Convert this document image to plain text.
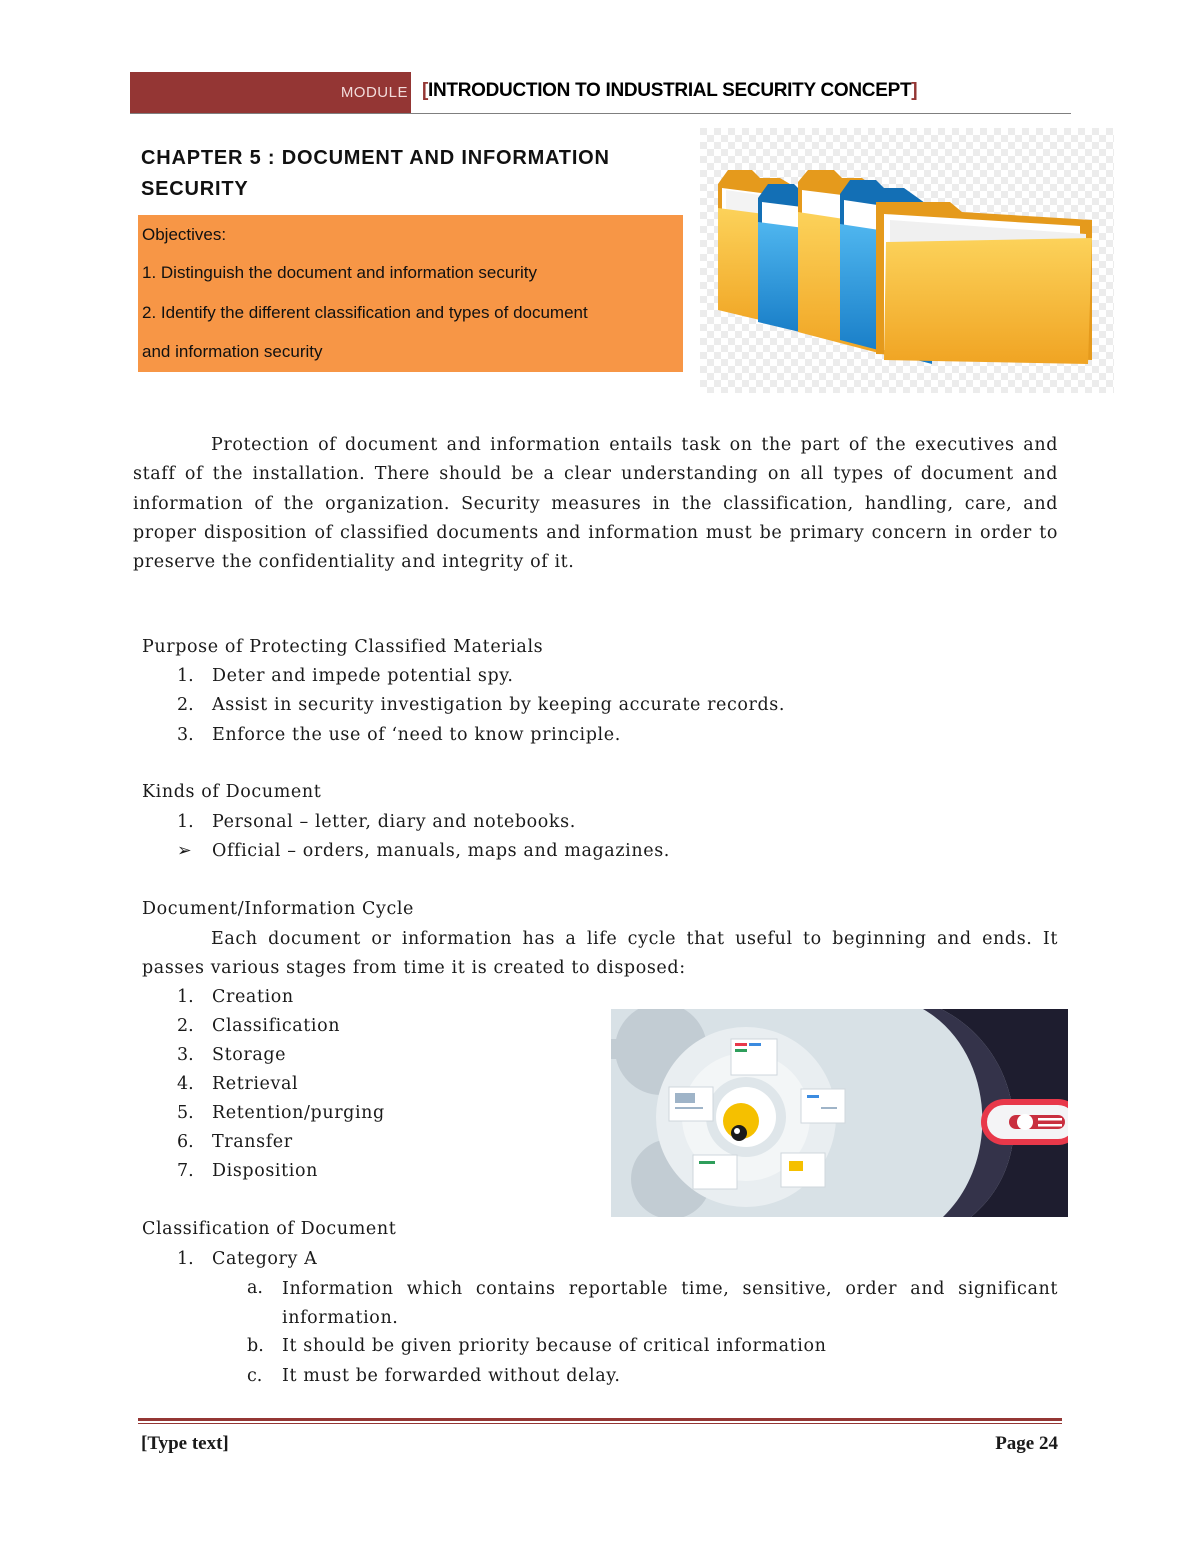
MODULE [INTRODUCTION TO INDUSTRIAL SECURITY CONCEPT]
CHAPTER 5 : DOCUMENT AND INFORMATION SECURITY
Objectives:
1. Distinguish the document and information security
2. Identify the different classification and types of document
and information security
Protection of document and information entails task on the part of the executives and staff of the installation. There should be a clear understanding on all types of document and information of the organization. Security measures in the classification, handling, care, and proper disposition of classified documents and information must be primary concern in order to preserve the confidentiality and integrity of it.
Purpose of Protecting Classified Materials
1. Deter and impede potential spy.
2. Assist in security investigation by keeping accurate records.
3. Enforce the use of ‘need to know principle.
Kinds of Document
1. Personal – letter, diary and notebooks.
➢ Official – orders, manuals, maps and magazines.
Document/Information Cycle
Each document or information has a life cycle that useful to beginning and ends. It passes various stages from time it is created to disposed:
1. Creation
2. Classification
3. Storage
4. Retrieval
5. Retention/purging
6. Transfer
7. Disposition
Classification of Document
1. Category A
a. Information which contains reportable time, sensitive, order and significant information.
b. It should be given priority because of critical information
c. It must be forwarded without delay.
[Type text]	Page 24
